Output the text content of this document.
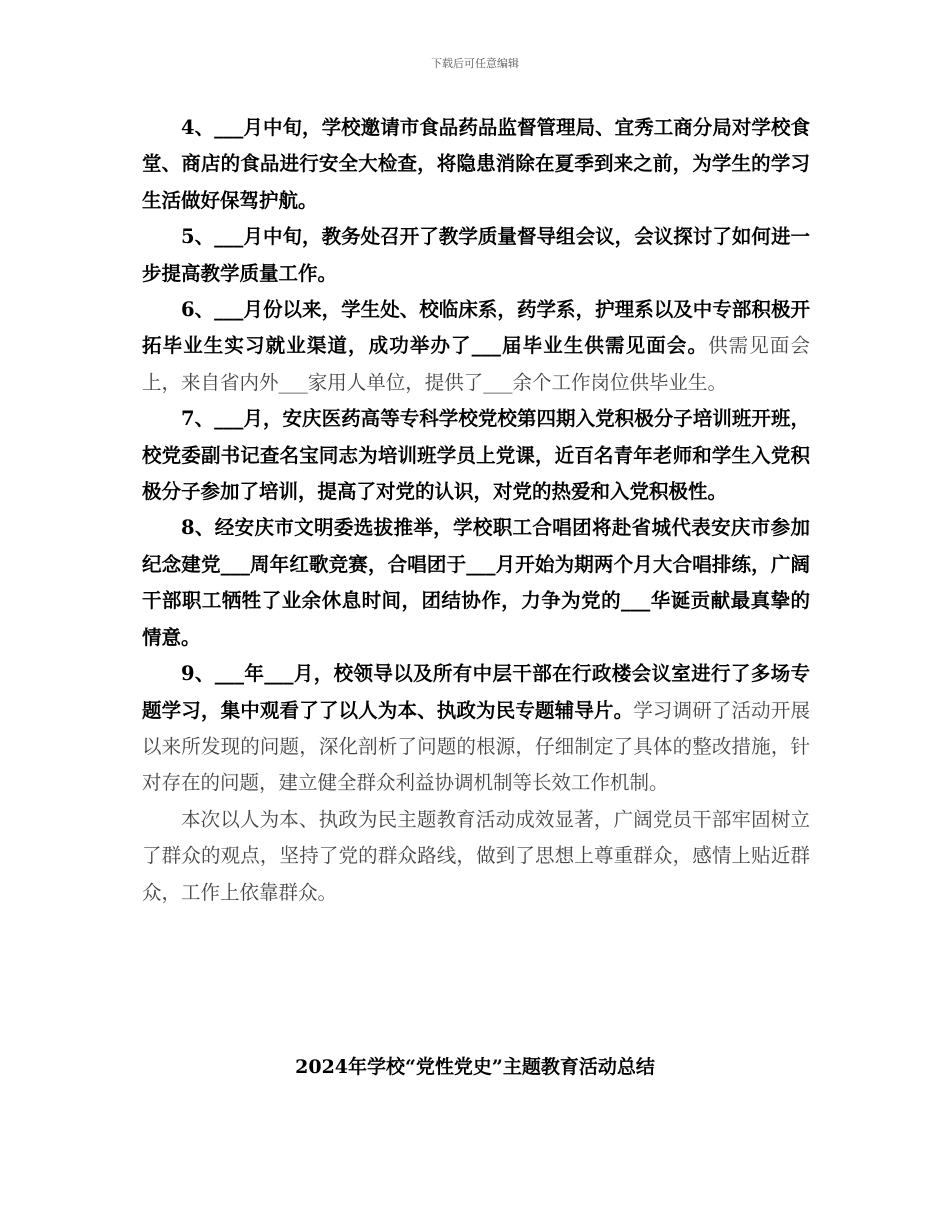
下载后可任意编辑

4、___月中旬，学校邀请市食品药品监督管理局、宜秀工商分局对学校食堂、商店的食品进行安全大检查，将隐患消除在夏季到来之前，为学生的学习生活做好保驾护航。

5、___月中旬，教务处召开了教学质量督导组会议，会议探讨了如何进一步提高教学质量工作。

6、___月份以来，学生处、校临床系，药学系，护理系以及中专部积极开拓毕业生实习就业渠道，成功举办了___届毕业生供需见面会。供需见面会上，来自省内外___家用人单位，提供了___余个工作岗位供毕业生。

7、___月，安庆医药高等专科学校党校第四期入党积极分子培训班开班，校党委副书记查名宝同志为培训班学员上党课，近百名青年老师和学生入党积极分子参加了培训，提高了对党的认识，对党的热爱和入党积极性。

8、经安庆市文明委选拔推举，学校职工合唱团将赴省城代表安庆市参加纪念建党___周年红歌竞赛，合唱团于___月开始为期两个月大合唱排练，广阔干部职工牺牲了业余休息时间，团结协作，力争为党的___华诞贡献最真挚的情意。

9、___年___月，校领导以及所有中层干部在行政楼会议室进行了多场专题学习，集中观看了了以人为本、执政为民专题辅导片。学习调研了活动开展以来所发现的问题，深化剖析了问题的根源，仔细制定了具体的整改措施，针对存在的问题，建立健全群众利益协调机制等长效工作机制。

本次以人为本、执政为民主题教育活动成效显著，广阔党员干部牢固树立了群众的观点，坚持了党的群众路线，做到了思想上尊重群众，感情上贴近群众，工作上依靠群众。

2024年学校“党性党史”主题教育活动总结
